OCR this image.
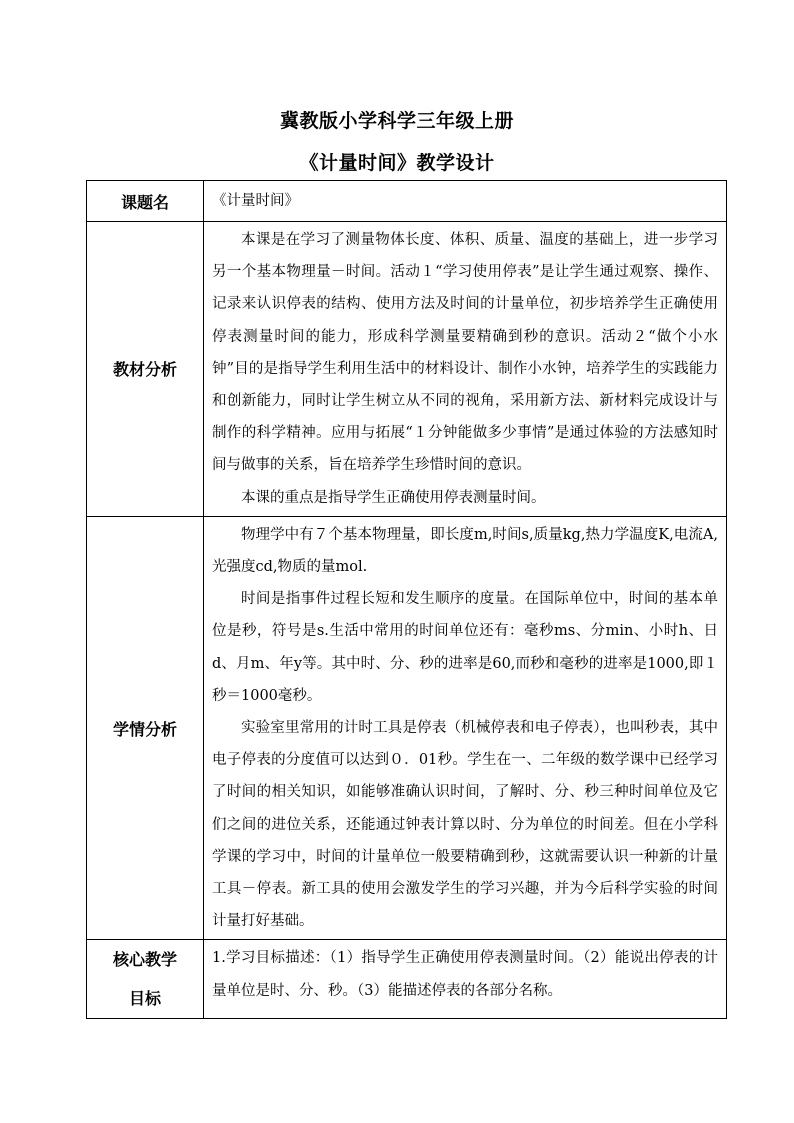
冀教版小学科学三年级上册
《计量时间》教学设计
课题名	《计量时间》

教材分析	本课是在学习了测量物体长度、体积、质量、温度的基础上，进一步学习另一个基本物理量－时间。活动１“学习使用停表”是让学生通过观察、操作、记录来认识停表的结构、使用方法及时间的计量单位，初步培养学生正确使用停表测量时间的能力，形成科学测量要精确到秒的意识。活动２“做个小水钟”目的是指导学生利用生活中的材料设计、制作小水钟，培养学生的实践能力和创新能力，同时让学生树立从不同的视角，采用新方法、新材料完成设计与制作的科学精神。应用与拓展“１分钟能做多少事情”是通过体验的方法感知时间与做事的关系，旨在培养学生珍惜时间的意识。

本课的重点是指导学生正确使用停表测量时间。

学情分析	物理学中有７个基本物理量，即长度m,时间s,质量kg,热力学温度K,电流A,光强度cd,物质的量mol.

时间是指事件过程长短和发生顺序的度量。在国际单位中，时间的基本单位是秒，符号是s.生活中常用的时间单位还有：毫秒ms、分min、小时h、日d、月m、年y等。其中时、分、秒的进率是60,而秒和毫秒的进率是1000,即１秒＝1000毫秒。

实验室里常用的计时工具是停表（机械停表和电子停表），也叫秒表，其中电子停表的分度值可以达到０．01秒。学生在一、二年级的数学课中已经学习了时间的相关知识，如能够准确认识时间，了解时、分、秒三种时间单位及它们之间的进位关系，还能通过钟表计算以时、分为单位的时间差。但在小学科学课的学习中，时间的计量单位一般要精确到秒，这就需要认识一种新的计量工具－停表。新工具的使用会激发学生的学习兴趣，并为今后科学实验的时间计量打好基础。

核心教学
目标	1.学习目标描述：（1）指导学生正确使用停表测量时间。（2）能说出停表的计量单位是时、分、秒。（3）能描述停表的各部分名称。
